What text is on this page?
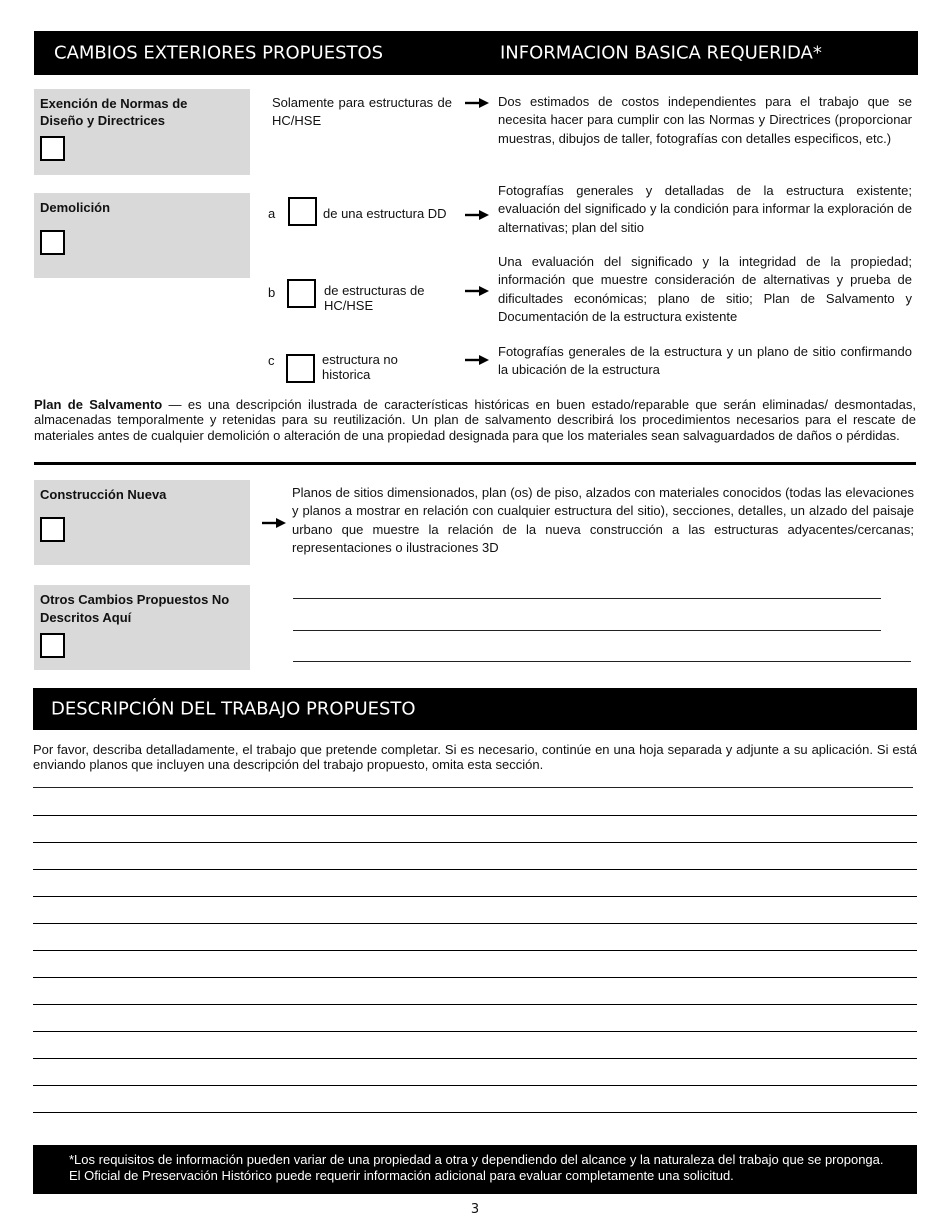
CAMBIOS EXTERIORES PROPUESTOS	INFORMACION BASICA REQUERIDA*
Exención de Normas de Diseño y Directrices
Solamente para estructuras de HC/HSE
Dos estimados de costos independientes para el trabajo que se necesita hacer para cumplir con las Normas y Directrices (proporcionar muestras, dibujos de taller, fotografías con detalles especificos, etc.)
Demolición	a	de una estructura DD
Fotografías generales y detalladas de la estructura existente; evaluación del significado y la condición para informar la exploración de alternativas; plan del sitio
b	de estructuras de HC/HSE
Una evaluación del significado y la integridad de la propiedad; información que muestre consideración de alternativas y prueba de dificultades económicas; plano de sitio; Plan de Salvamento y Documentación de la estructura existente
c	estructura no historica
Fotografías generales de la estructura y un plano de sitio confirmando la ubicación de la estructura
Plan de Salvamento — es una descripción ilustrada de características históricas en buen estado/reparable que serán eliminadas/ desmontadas, almacenadas temporalmente y retenidas para su reutilización. Un plan de salvamento describirá los procedimientos necesarios para el rescate de materiales antes de cualquier demolición o alteración de una propiedad designada para que los materiales sean salvaguardados de daños o pérdidas.
Construcción Nueva	Planos de sitios dimensionados, plan (os) de piso, alzados con materiales conocidos (todas las elevaciones y planos a mostrar en relación con cualquier estructura del sitio), secciones, detalles, un alzado del paisaje urbano que muestre la relación de la nueva construcción a las estructuras adyacentes/cercanas; representaciones o ilustraciones 3D
Otros Cambios Propuestos No Descritos Aquí
DESCRIPCIÓN DEL TRABAJO PROPUESTO
Por favor, describa detalladamente, el trabajo que pretende completar. Si es necesario, continúe en una hoja separada y adjunte a su aplicación. Si está enviando planos que incluyen una descripción del trabajo propuesto, omita esta sección.
*Los requisitos de información pueden variar de una propiedad a otra y dependiendo del alcance y la naturaleza del trabajo que se proponga. El Oficial de Preservación Histórico puede requerir información adicional para evaluar completamente una solicitud.
3
